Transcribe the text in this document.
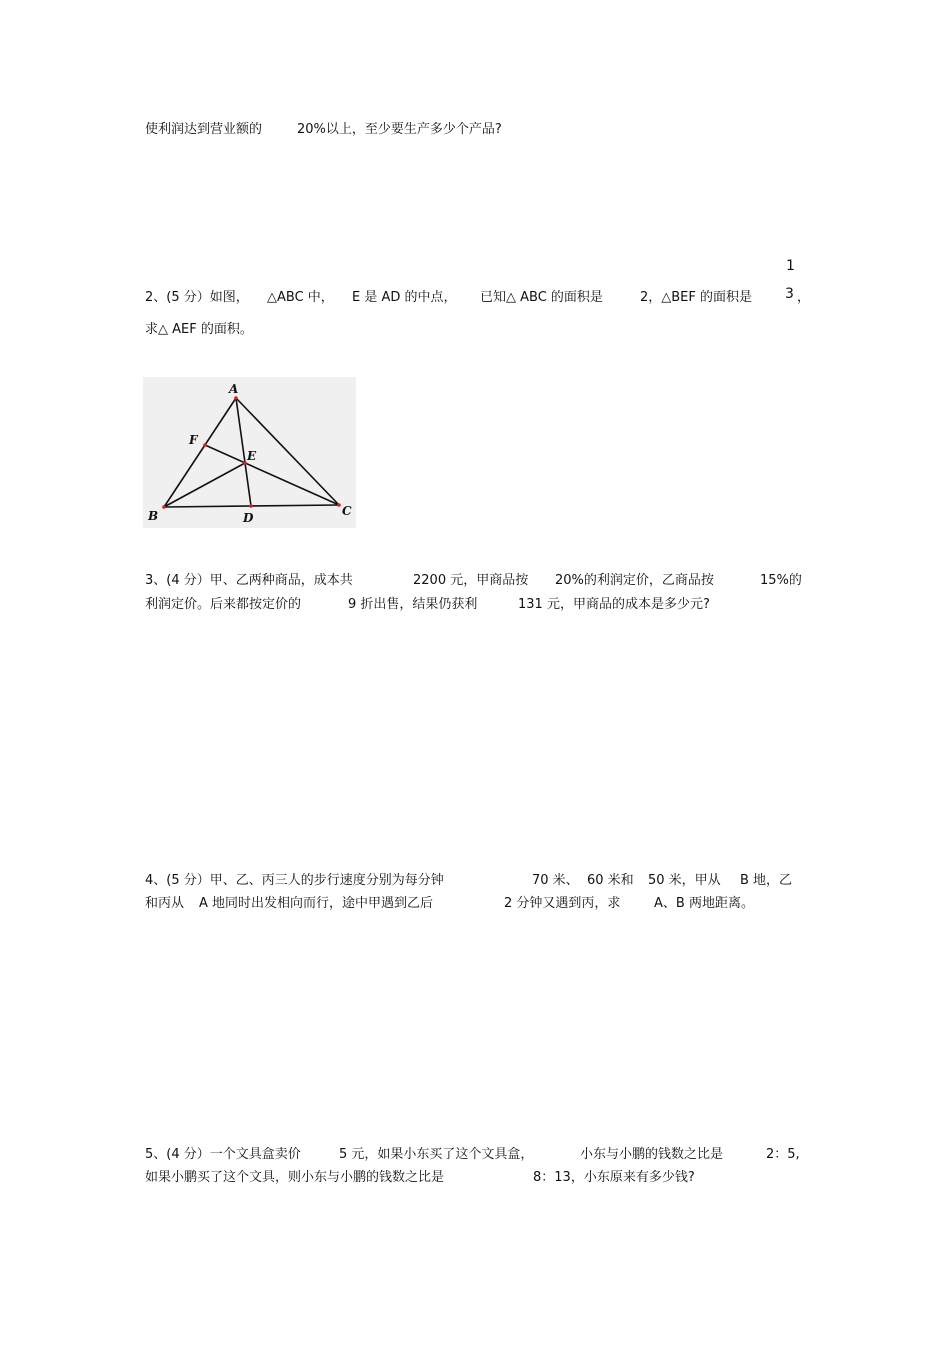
使利润达到营业额的	20%以上，至少要生产多少个产品?
2、(5 分）如图， △ABC 中， E 是 AD 的中点， 已知△ ABC 的面积是	2，△BEF 的面积是
1
3 ，
求△ AEF 的面积。
A
B	C
D
E
F
3、(4 分）甲、乙两种商品，成本共	2200 元，甲商品按 20%的利润定价，乙商品按	15%的
利润定价。后来都按定价的	9 折出售，结果仍获利	131 元，甲商品的成本是多少元?
4、(5 分）甲、乙、丙三人的步行速度分别为每分钟	70 米、 60 米和 50 米，甲从 B 地，乙
和丙从 A 地同时出发相向而行，途中甲遇到乙后	2 分钟又遇到丙，求	A、B 两地距离。
5、(4 分）一个文具盒卖价	5 元，如果小东买了这个文具盒，	小东与小鹏的钱数之比是	2：5,
如果小鹏买了这个文具，则小东与小鹏的钱数之比是	8：13，小东原来有多少钱?
